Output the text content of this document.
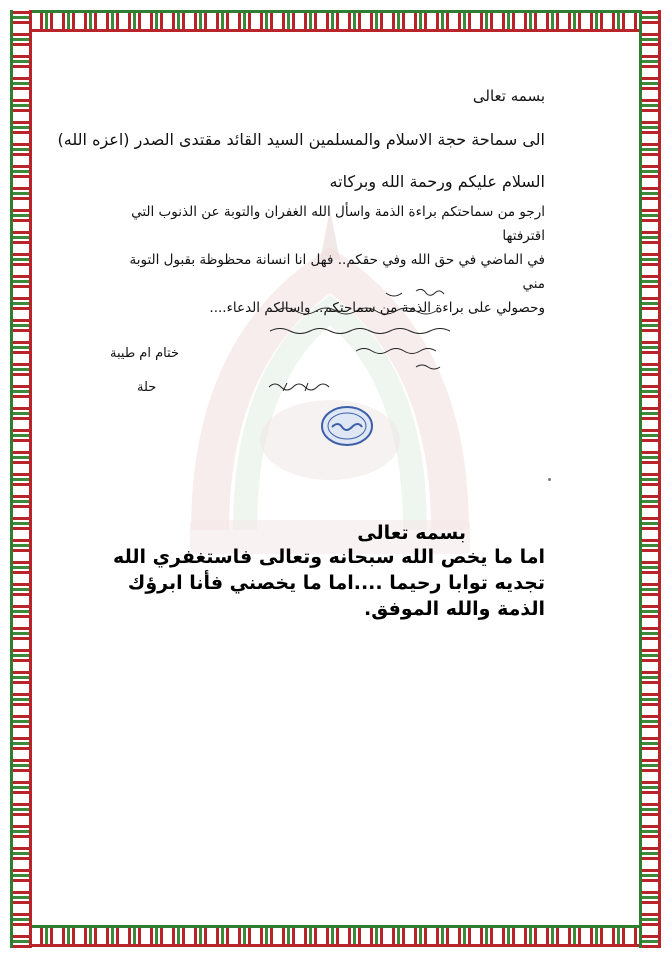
بسمه تعالى
الى سماحة حجة الاسلام والمسلمين السيد القائد مقتدى الصدر (اعزه الله)
السلام عليكم ورحمة الله وبركاته
ارجو من سماحتكم براءة الذمة واسأل الله الغفران والتوبة عن الذنوب التي اقترفتها
في الماضي في حق الله وفي حقكم.. فهل انا انسانة محظوظة بقبول التوبة مني
وحصولي على براءة الذمة من سماحتكم.. واسالكم الدعاء....
ختام ام طيبة
حلة
بسمه تعالى
اما ما يخص الله سبحانه وتعالى فاستغفري الله
تجديه توابا رحيما ....اما ما يخصني فأنا ابرؤك
الذمة والله الموفق.
